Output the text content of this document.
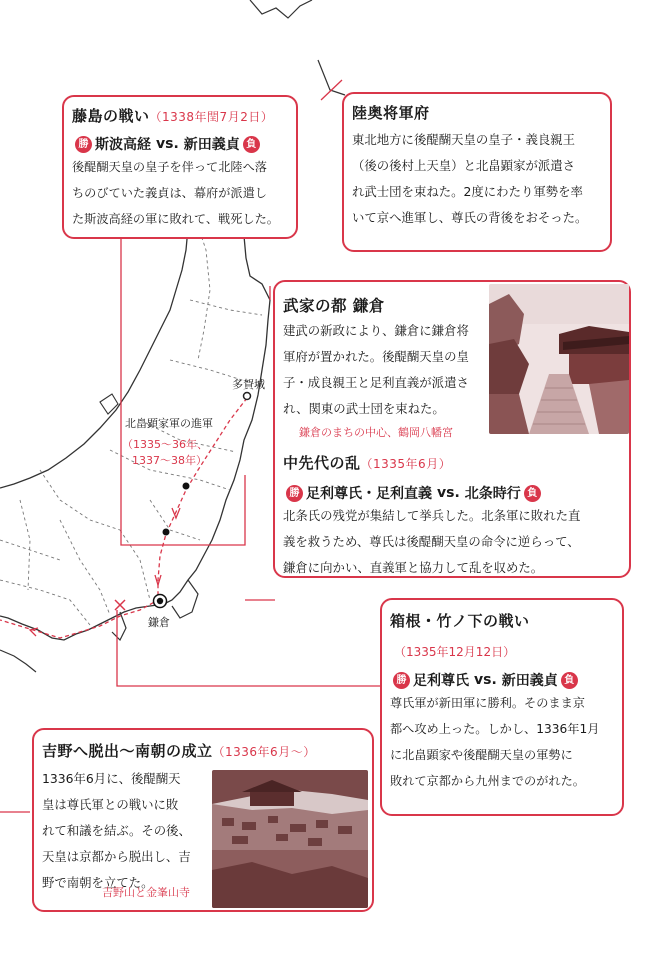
多賀城
北畠顕家軍の進軍
（1335〜36年、
1337〜38年）
鎌倉
藤島の戦い（1338年閏7月2日）
勝 斯波高経 vs. 新田義貞 負
後醍醐天皇の皇子を伴って北陸へ落
ちのびていた義貞は、幕府が派遣し
た斯波高経の軍に敗れて、戦死した。
陸奥将軍府
東北地方に後醍醐天皇の皇子・義良親王
（後の後村上天皇）と北畠顕家が派遣さ
れ武士団を束ねた。2度にわたり軍勢を率
いて京へ進軍し、尊氏の背後をおそった。
武家の都 鎌倉
建武の新政により、鎌倉に鎌倉将
軍府が置かれた。後醍醐天皇の皇
子・成良親王と足利直義が派遣さ
れ、関東の武士団を束ねた。
鎌倉のまちの中心、鶴岡八幡宮
中先代の乱（1335年6月）
勝 足利尊氏・足利直義 vs. 北条時行 負
北条氏の残党が集結して挙兵した。北条軍に敗れた直
義を救うため、尊氏は後醍醐天皇の命令に逆らって、
鎌倉に向かい、直義軍と協力して乱を収めた。
箱根・竹ノ下の戦い
（1335年12月12日）
勝 足利尊氏 vs. 新田義貞 負
尊氏軍が新田軍に勝利。そのまま京
都へ攻め上った。しかし、1336年1月
に北畠顕家や後醍醐天皇の軍勢に
敗れて京都から九州までのがれた。
吉野へ脱出〜南朝の成立（1336年6月〜）
1336年6月に、後醍醐天
皇は尊氏軍との戦いに敗
れて和議を結ぶ。その後、
天皇は京都から脱出し、吉
野で南朝を立てた。
吉野山と金峯山寺
